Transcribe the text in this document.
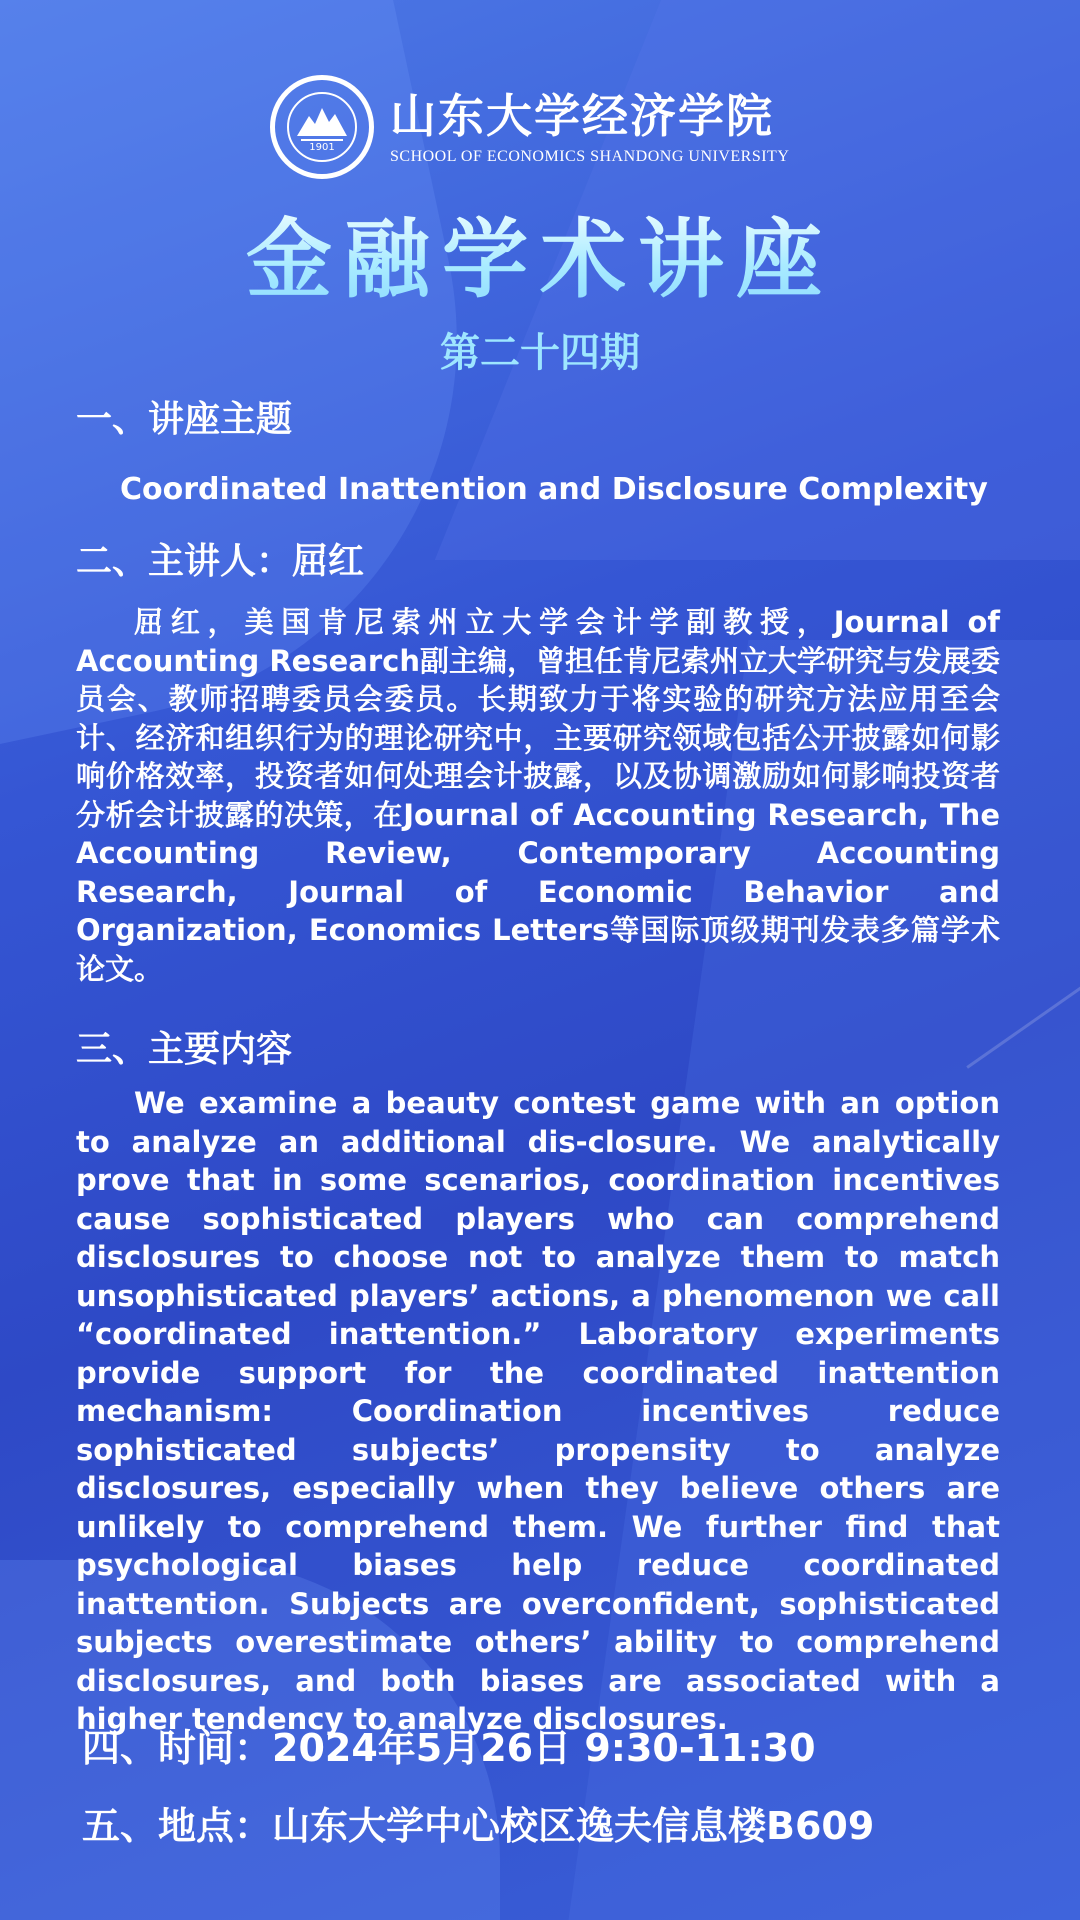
1901
山东大学经济学院
SCHOOL OF ECONOMICS SHANDONG UNIVERSITY
金融学术讲座
第二十四期
一、讲座主题
Coordinated Inattention and Disclosure Complexity
二、主讲人：屈红
屈红，美国肯尼索州立大学会计学副教授，Journal of Accounting Research副主编，曾担任肯尼索州立大学研究与发展委员会、教师招聘委员会委员。长期致力于将实验的研究方法应用至会计、经济和组织行为的理论研究中，主要研究领域包括公开披露如何影响价格效率，投资者如何处理会计披露，以及协调激励如何影响投资者分析会计披露的决策，在Journal of Accounting Research, The Accounting Review, Contemporary Accounting Research, Journal of Economic Behavior and Organization, Economics Letters等国际顶级期刊发表多篇学术论文。
三、主要内容
We examine a beauty contest game with an option to analyze an additional dis-closure. We analytically prove that in some scenarios, coordination incentives cause sophisticated players who can comprehend disclosures to choose not to analyze them to match unsophisticated players’ actions, a phenomenon we call “coordinated inattention.” Laboratory experiments provide support for the coordinated inattention mechanism: Coordination incentives reduce sophisticated subjects’ propensity to analyze disclosures, especially when they believe others are unlikely to comprehend them. We further find that psychological biases help reduce coordinated inattention. Subjects are overconfident, sophisticated subjects overestimate others’ ability to comprehend disclosures, and both biases are associated with a higher tendency to analyze disclosures.
四、时间：2024年5月26日 9:30-11:30
五、地点：山东大学中心校区逸夫信息楼B609
